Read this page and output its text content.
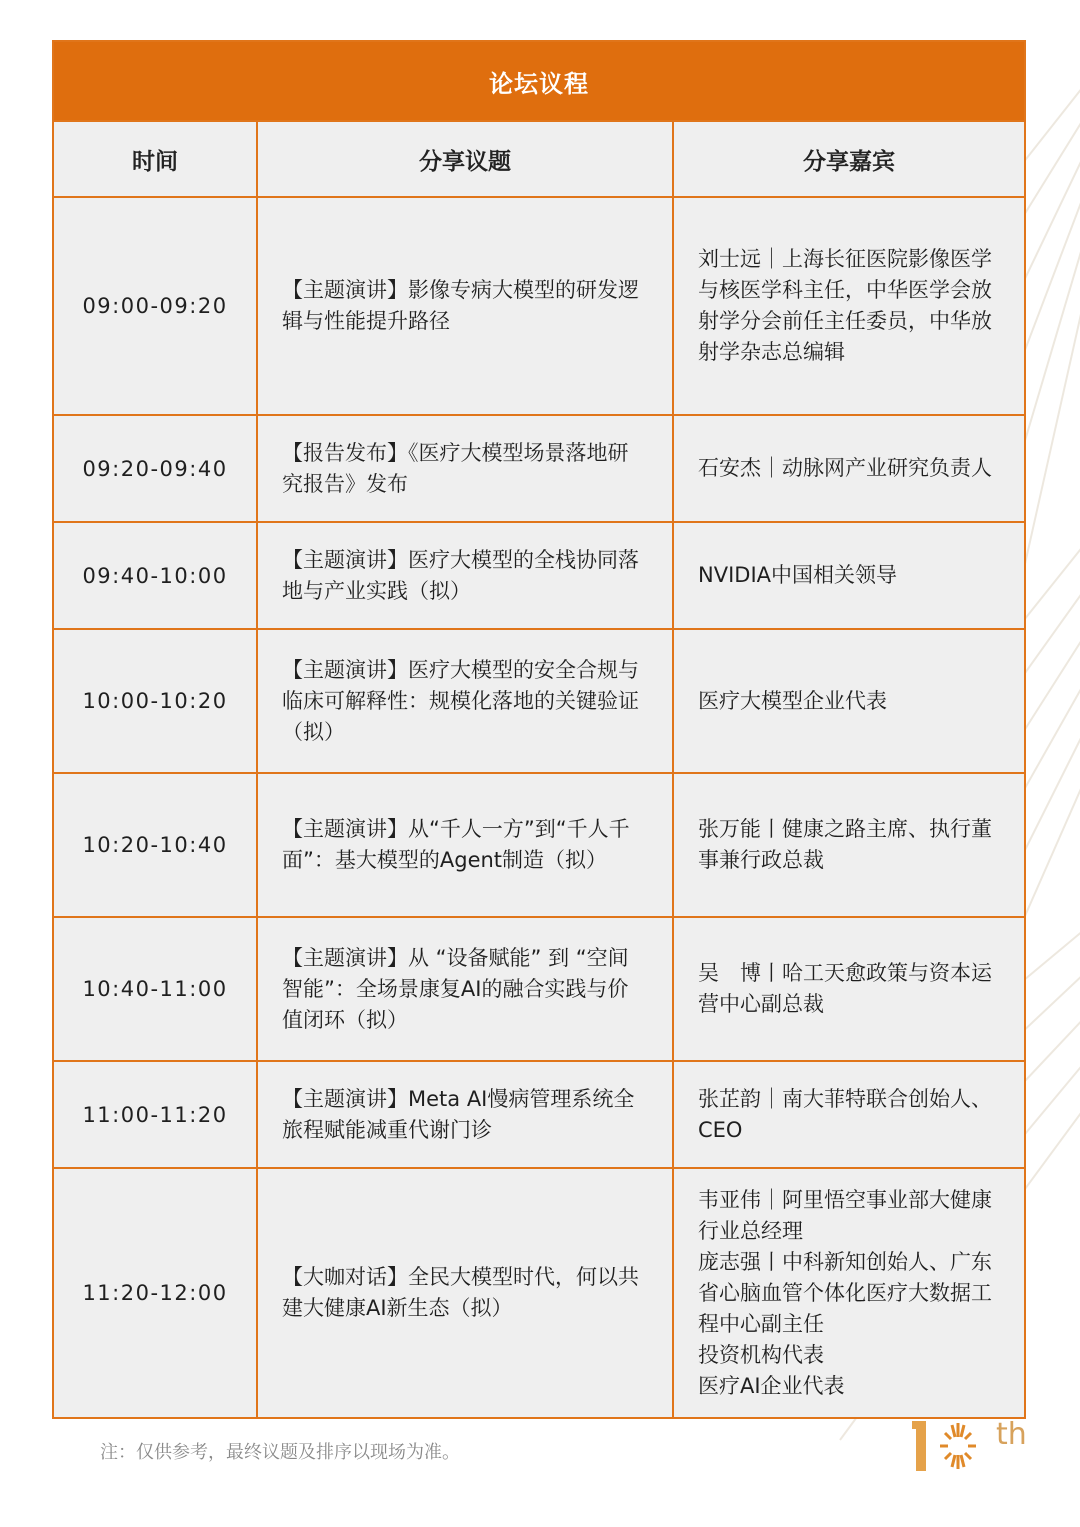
论坛议程		
时间	分享议题	分享嘉宾
09:00-09:20	【主题演讲】影像专病大模型的研发逻辑与性能提升路径	刘士远｜上海长征医院影像医学与核医学科主任，中华医学会放射学分会前任主任委员，中华放射学杂志总编辑

09:20-09:40	【报告发布】《医疗大模型场景落地研究报告》发布	石安杰｜动脉网产业研究负责人

09:40-10:00	【主题演讲】医疗大模型的全栈协同落地与产业实践（拟）	NVIDIA中国相关领导

10:00-10:20	【主题演讲】医疗大模型的安全合规与临床可解释性：规模化落地的关键验证（拟）	医疗大模型企业代表

10:20-10:40	【主题演讲】从“千人一方”到“千人千面”：基大模型的Agent制造（拟）	张万能丨健康之路主席、执行董事兼行政总裁

10:40-11:00	【主题演讲】从 “设备赋能” 到 “空间智能”：全场景康复AI的融合实践与价值闭环（拟）	吴　博丨哈工天愈政策与资本运营中心副总裁

11:00-11:20	【主题演讲】Meta AI慢病管理系统全旅程赋能减重代谢门诊	张芷韵｜南大菲特联合创始人、CEO

11:20-12:00	【大咖对话】全民大模型时代，何以共建大健康AI新生态（拟）	韦亚伟｜阿里悟空事业部大健康行业总经理
庞志强丨中科新知创始人、广东省心脑血管个体化医疗大数据工程中心副主任
投资机构代表
医疗AI企业代表
注：仅供参考，最终议题及排序以现场为准。
th
